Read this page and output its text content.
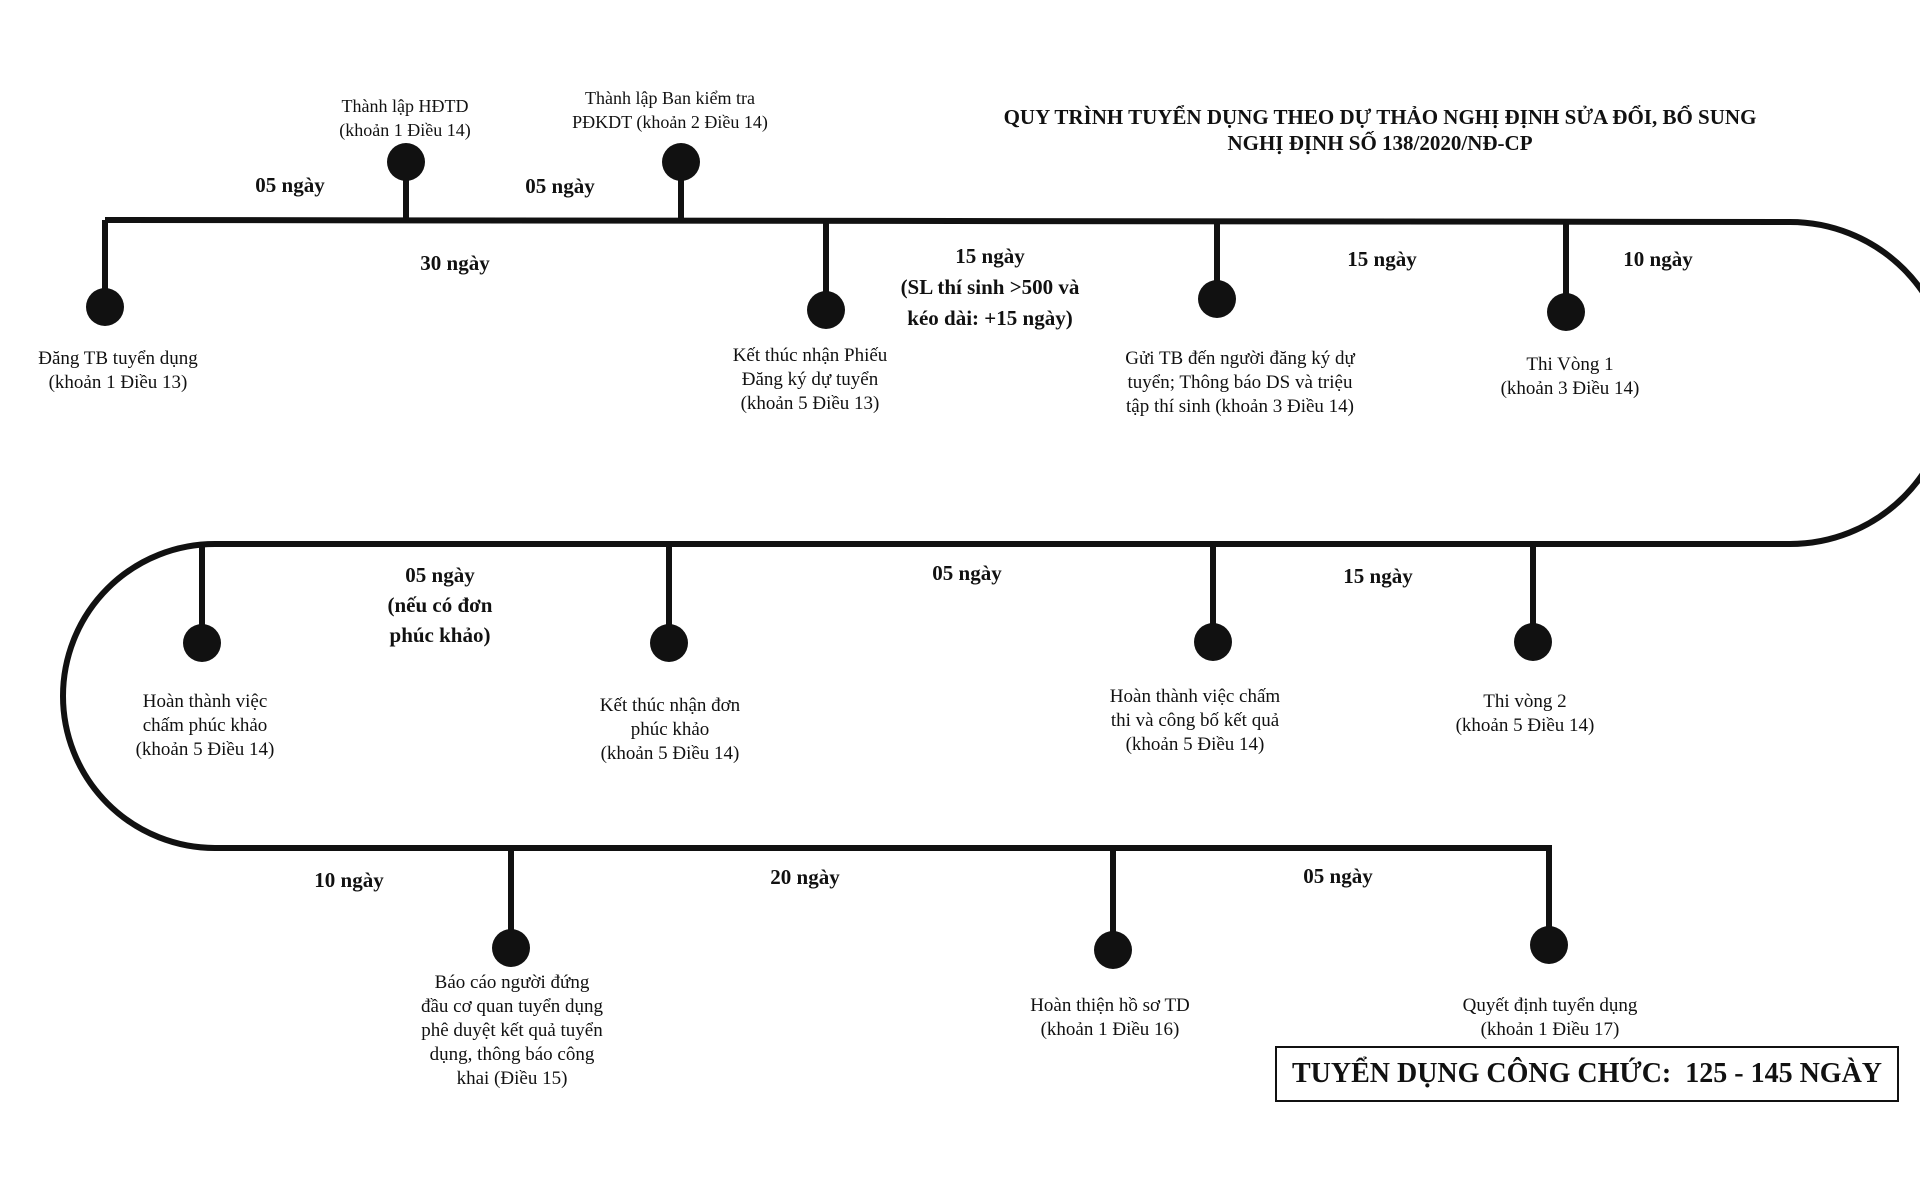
QUY TRÌNH TUYỂN DỤNG THEO DỰ THẢO NGHỊ ĐỊNH SỬA ĐỔI, BỔ SUNG
NGHỊ ĐỊNH SỐ 138/2020/NĐ-CP
05 ngày
30 ngày
05 ngày
15 ngày
(SL thí sinh >500 và
kéo dài: +15 ngày)
15 ngày	10 ngày
Đăng TB tuyển dụng
(khoản 1 Điều 13)
Thành lập HĐTD
(khoản 1 Điều 14)
Thành lập Ban kiểm tra
PĐKDT (khoản 2 Điều 14)
Kết thúc nhận Phiếu
Đăng ký dự tuyển
(khoản 5 Điều 13)
Gửi TB đến người đăng ký dự
tuyển; Thông báo DS và triệu
tập thí sinh (khoản 3 Điều 14)
Thi Vòng 1
(khoản 3 Điều 14)
05 ngày
(nếu có đơn
phúc khảo)
05 ngày	15 ngày
Hoàn thành việc
chấm phúc khảo
(khoản 5 Điều 14)
Kết thúc nhận đơn
phúc khảo
(khoản 5 Điều 14)
Hoàn thành việc chấm
thi và công bố kết quả
(khoản 5 Điều 14)
Thi vòng 2
(khoản 5 Điều 14)
10 ngày	20 ngày	05 ngày
Báo cáo người đứng
đầu cơ quan tuyển dụng
phê duyệt kết quả tuyển
dụng, thông báo công
khai (Điều 15)
Hoàn thiện hồ sơ TD
(khoản 1 Điều 16)
Quyết định tuyển dụng
(khoản 1 Điều 17)
TUYỂN DỤNG CÔNG CHỨC:  125 - 145 NGÀY
